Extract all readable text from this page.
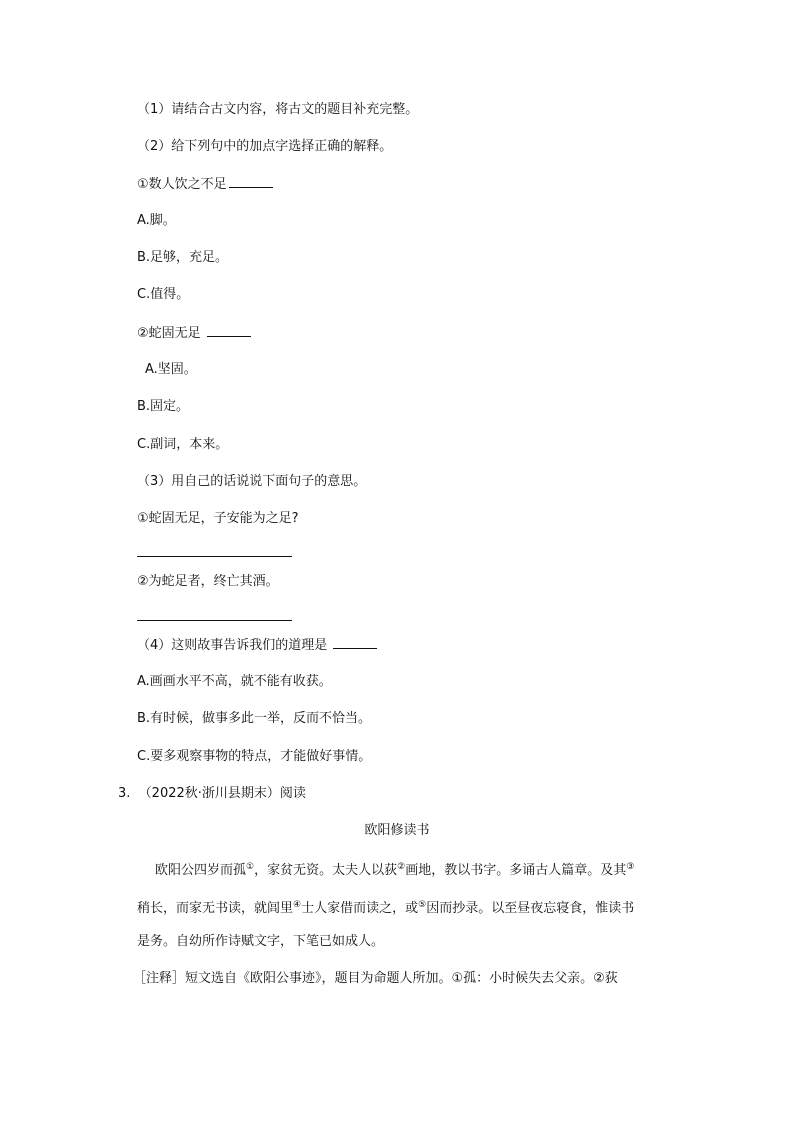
（1）请结合古文内容，将古文的题目补充完整。
（2）给下列句中的加点字选择正确的解释。
①数人饮之不足
A.脚。
B.足够，充足。
C.值得。
②蛇固无足
A.坚固。
B.固定。
C.副词，本来。
（3）用自己的话说说下面句子的意思。
①蛇固无足，子安能为之足?
②为蛇足者，终亡其酒。
（4）这则故事告诉我们的道理是
A.画画水平不高，就不能有收获。
B.有时候，做事多此一举，反而不恰当。
C.要多观察事物的特点，才能做好事情。
3. （2022秋·浙川县期末）阅读
欧阳修读书
欧阳公四岁而孤①，家贫无资。太夫人以荻②画地，教以书字。多诵古人篇章。及其③
稍长，而家无书读，就闾里④士人家借而读之，或⑤因而抄录。以至昼夜忘寝食，惟读书
是务。自幼所作诗赋文字，下笔已如成人。
［注释］短文选自《欧阳公事迹》，题目为命题人所加。①孤：小时候失去父亲。②荻
